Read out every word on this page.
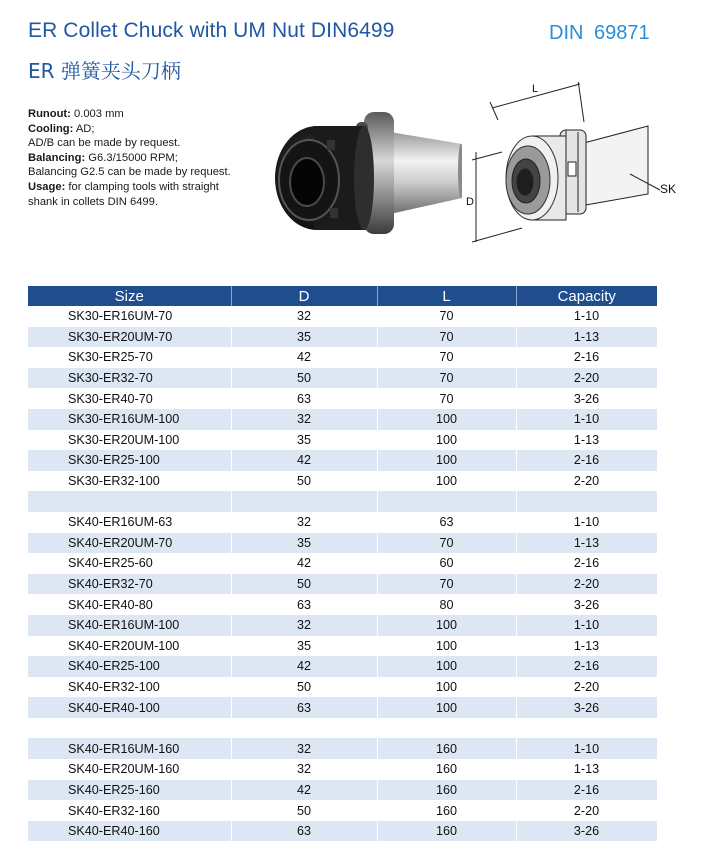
ER Collet Chuck with UM Nut DIN6499
ER 弹簧夹头刀柄
DIN 69871
Runout: 0.003 mm
Cooling: AD;
AD/B can be made by request.
Balancing: G6.3/15000 RPM;
Balancing G2.5 can be made by request.
Usage: for clamping tools with straight
shank in collets DIN 6499.
L
D
SK
Size	D	L	Capacity
SK30-ER16UM-70	32	70	1-10
SK30-ER20UM-70	35	70	1-13
SK30-ER25-70	42	70	2-16
SK30-ER32-70	50	70	2-20
SK30-ER40-70	63	70	3-26
SK30-ER16UM-100	32	100	1-10
SK30-ER20UM-100	35	100	1-13
SK30-ER25-100	42	100	2-16
SK30-ER32-100	50	100	2-20

SK40-ER16UM-63	32	63	1-10
SK40-ER20UM-70	35	70	1-13
SK40-ER25-60	42	60	2-16
SK40-ER32-70	50	70	2-20
SK40-ER40-80	63	80	3-26
SK40-ER16UM-100	32	100	1-10
SK40-ER20UM-100	35	100	1-13
SK40-ER25-100	42	100	2-16
SK40-ER32-100	50	100	2-20
SK40-ER40-100	63	100	3-26

SK40-ER16UM-160	32	160	1-10
SK40-ER20UM-160	32	160	1-13
SK40-ER25-160	42	160	2-16
SK40-ER32-160	50	160	2-20
SK40-ER40-160	63	160	3-26
